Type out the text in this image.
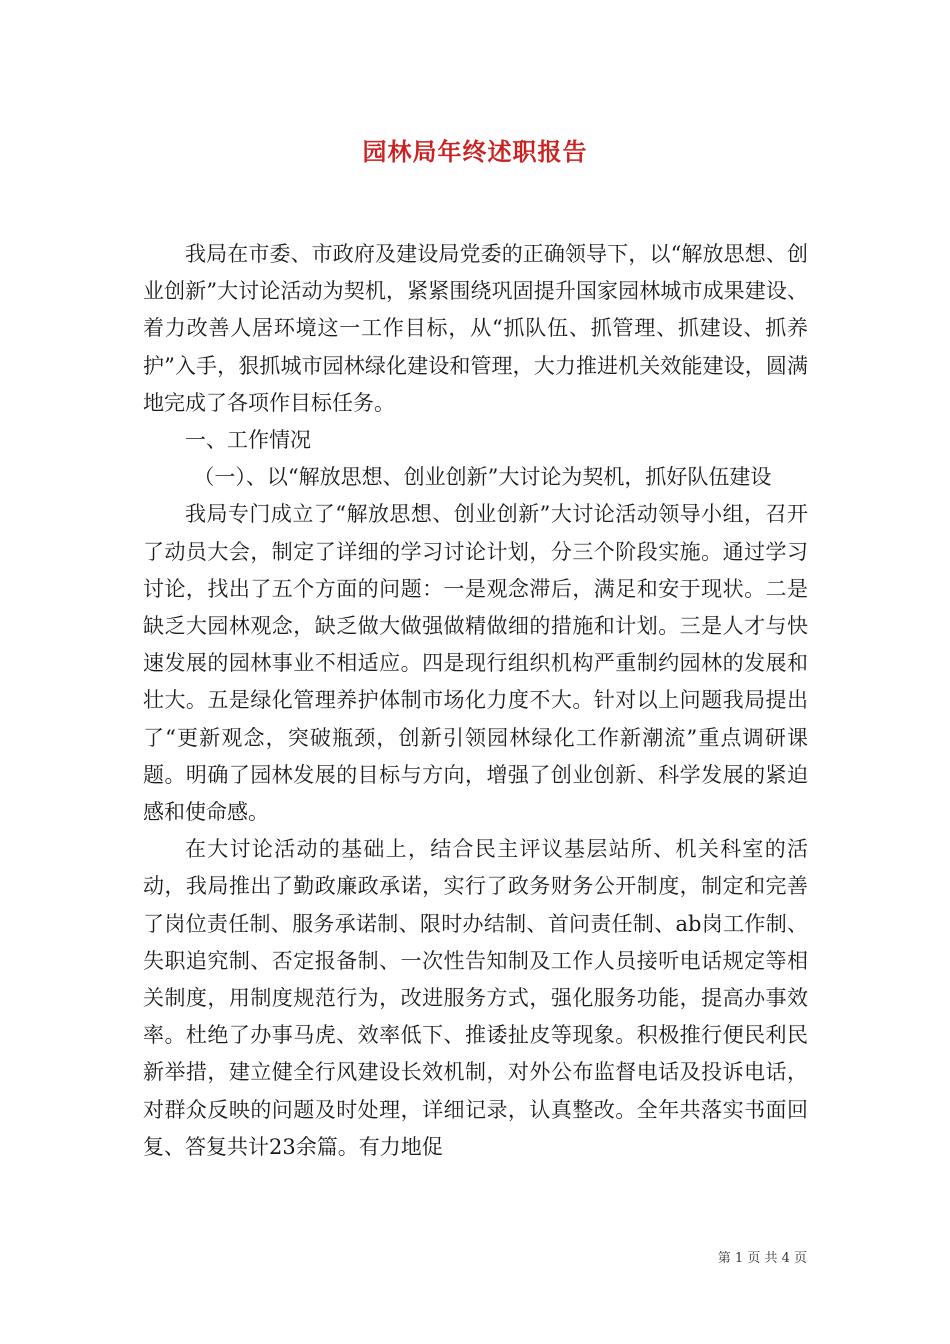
园林局年终述职报告

我局在市委、市政府及建设局党委的正确领导下，以“解放思想、创业创新”大讨论活动为契机，紧紧围绕巩固提升国家园林城市成果建设、着力改善人居环境这一工作目标，从“抓队伍、抓管理、抓建设、抓养护”入手，狠抓城市园林绿化建设和管理，大力推进机关效能建设，圆满地完成了各项作目标任务。

一、工作情况

（一）、以“解放思想、创业创新”大讨论为契机，抓好队伍建设

我局专门成立了“解放思想、创业创新”大讨论活动领导小组，召开了动员大会，制定了详细的学习讨论计划，分三个阶段实施。通过学习讨论，找出了五个方面的问题：一是观念滞后，满足和安于现状。二是缺乏大园林观念，缺乏做大做强做精做细的措施和计划。三是人才与快速发展的园林事业不相适应。四是现行组织机构严重制约园林的发展和壮大。五是绿化管理养护体制市场化力度不大。针对以上问题我局提出了“更新观念，突破瓶颈，创新引领园林绿化工作新潮流”重点调研课题。明确了园林发展的目标与方向，增强了创业创新、科学发展的紧迫感和使命感。

在大讨论活动的基础上，结合民主评议基层站所、机关科室的活动，我局推出了勤政廉政承诺，实行了政务财务公开制度，制定和完善了岗位责任制、服务承诺制、限时办结制、首问责任制、ab岗工作制、失职追究制、否定报备制、一次性告知制及工作人员接听电话规定等相关制度，用制度规范行为，改进服务方式，强化服务功能，提高办事效率。杜绝了办事马虎、效率低下、推诿扯皮等现象。积极推行便民利民新举措，建立健全行风建设长效机制，对外公布监督电话及投诉电话，对群众反映的问题及时处理，详细记录，认真整改。全年共落实书面回复、答复共计23余篇。有力地促

第 1 页 共 4 页
